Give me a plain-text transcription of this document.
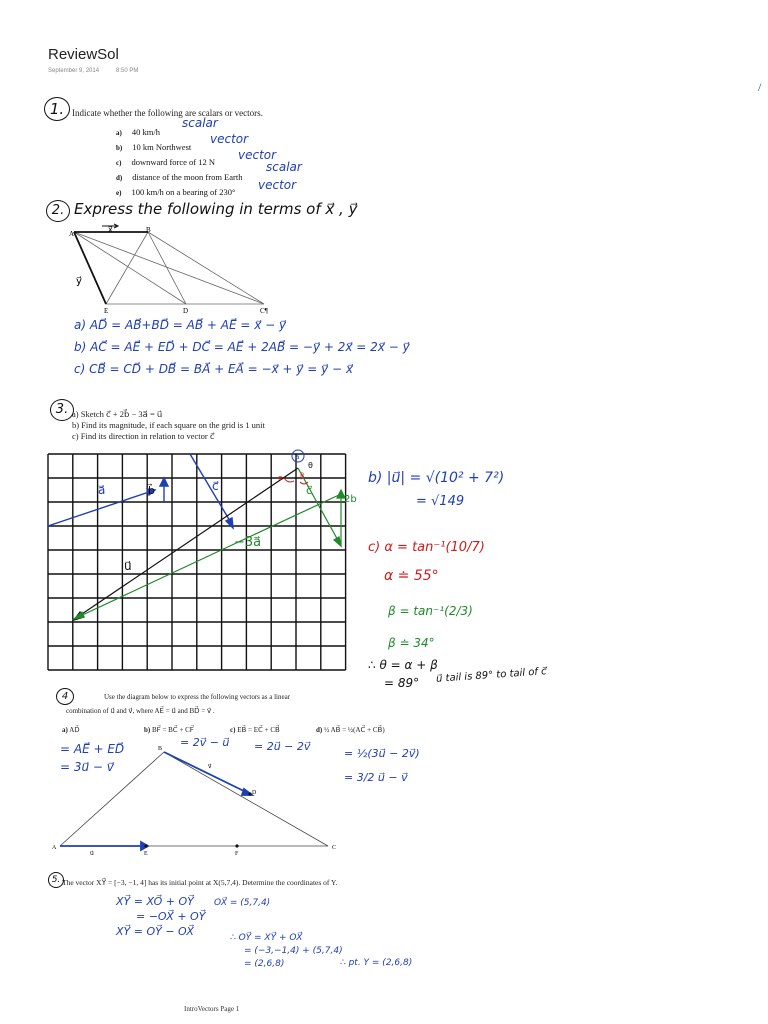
ReviewSol
September 9, 2014	8:50 PM
/
1. Indicate whether the following are scalars or vectors.
a) 40 km/h
scalar
b) 10 km Northwest
vector
c) downward force of 12 N vector
d) distance of the moon from Earth
scalar
e) 100 km/h on a bearing of 230° vector
2. Express the following in terms of x⃗ , y⃗
A	B
E	D	C¶
x⃗
y⃗
a) AD⃗ = AB⃗+BD⃗ = AB⃗ + AE⃗ = x⃗ − y⃗
b) AC⃗ = AE⃗ + ED⃗ + DC⃗ = AE⃗ + 2AB⃗ = −y⃗ + 2x⃗ = 2x⃗ − y⃗
c) CB⃗ = CD⃗ + DB⃗ = BA⃗ + EA⃗ = −x⃗ + y⃗ = y⃗ − x⃗
3. a) Sketch c⃗ + 2b⃗ − 3a⃗ = u⃗
b) Find its magnitude, if each square on the grid is 1 unit
c) Find its direction in relation to vector c⃗
a
a⃗	b⃗	c⃗	c⃗
2b
−3a⃗
u⃗
α β
θ
b) |u⃗| = √(10² + 7²)
= √149
c) α = tan⁻¹(10/7)
α ≐ 55°
β = tan⁻¹(2/3)
β ≐ 34°
∴ θ = α + β
= 89° u⃗ tail is 89° to tail of c⃗
4	Use the diagram below to express the following vectors as a linear
combination of u⃗ and v⃗, where AE⃗ = u⃗ and BD⃗ = v⃗ .
a) AD⃗
= AE⃗ + ED⃗
= 3u⃗ − v⃗
b) BF⃗ = BC⃗ + CF⃗
= 2v⃗ − u⃗
c) EB⃗ = EC⃗ + CB⃗
= 2u⃗ − 2v⃗
d) ½ AB⃗ = ½(AC⃗ + CB⃗)
= ½(3u⃗ − 2v⃗)
= 3/2 u⃗ − v⃗
A
B
C
D
E	F
u⃗
v⃗
5. The vector XY⃗ = [−3, −1, 4] has its initial point at X(5,7,4). Determine the coordinates of Y.
XY⃗ = XO⃗ + OY⃗
= −OX⃗ + OY⃗
XY⃗ = OY⃗ − OX⃗
OX⃗ = (5,7,4)
∴ OY⃗ = XY⃗ + OX⃗
= (−3,−1,4) + (5,7,4)
= (2,6,8)	∴ pt. Y = (2,6,8)
IntroVectors Page 1
